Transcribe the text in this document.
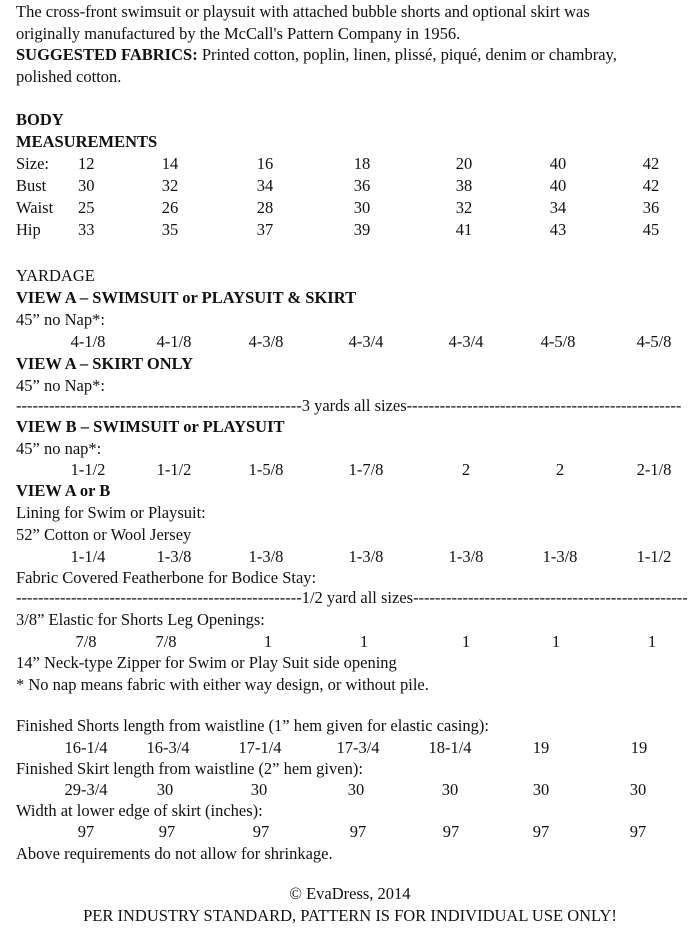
The cross-front swimsuit or playsuit with attached bubble shorts and optional skirt was
originally manufactured by the McCall's Pattern Company in 1956.
SUGGESTED FABRICS: Printed cotton, poplin, linen, plissé, piqué, denim or chambray,
polished cotton.
BODY
MEASUREMENTS
Size: 12	14	16	18	20	40	42
Bust 30	32	34	36	38	40	42
Waist 25	26	28	30	32	34	36
Hip 33	35	37	39	41	43	45
YARDAGE
VIEW A – SWIMSUIT or PLAYSUIT & SKIRT
45” no Nap*:
4-1/8	4-1/8	4-3/8	4-3/4	4-3/4	4-5/8	4-5/8
VIEW A – SKIRT ONLY
45” no Nap*:
----------------------------------------------------3 yards all sizes--------------------------------------------------
VIEW B – SWIMSUIT or PLAYSUIT
45” no nap*:
1-1/2	1-1/2	1-5/8	1-7/8	2	2	2-1/8
VIEW A or B
Lining for Swim or Playsuit:
52” Cotton or Wool Jersey
1-1/4	1-3/8	1-3/8	1-3/8	1-3/8	1-3/8	1-1/2
Fabric Covered Featherbone for Bodice Stay:
----------------------------------------------------1/2 yard all sizes--------------------------------------------------
3/8” Elastic for Shorts Leg Openings:
7/8	7/8	1	1	1	1	1
14” Neck-type Zipper for Swim or Play Suit side opening
* No nap means fabric with either way design, or without pile.
Finished Shorts length from waistline (1” hem given for elastic casing):
16-1/4 16-3/4	17-1/4	17-3/4	18-1/4	19	19
Finished Skirt length from waistline (2” hem given):
29-3/4	30	30	30	30	30	30
Width at lower edge of skirt (inches):
97	97	97	97	97	97	97
Above requirements do not allow for shrinkage.
© EvaDress, 2014
PER INDUSTRY STANDARD, PATTERN IS FOR INDIVIDUAL USE ONLY!
